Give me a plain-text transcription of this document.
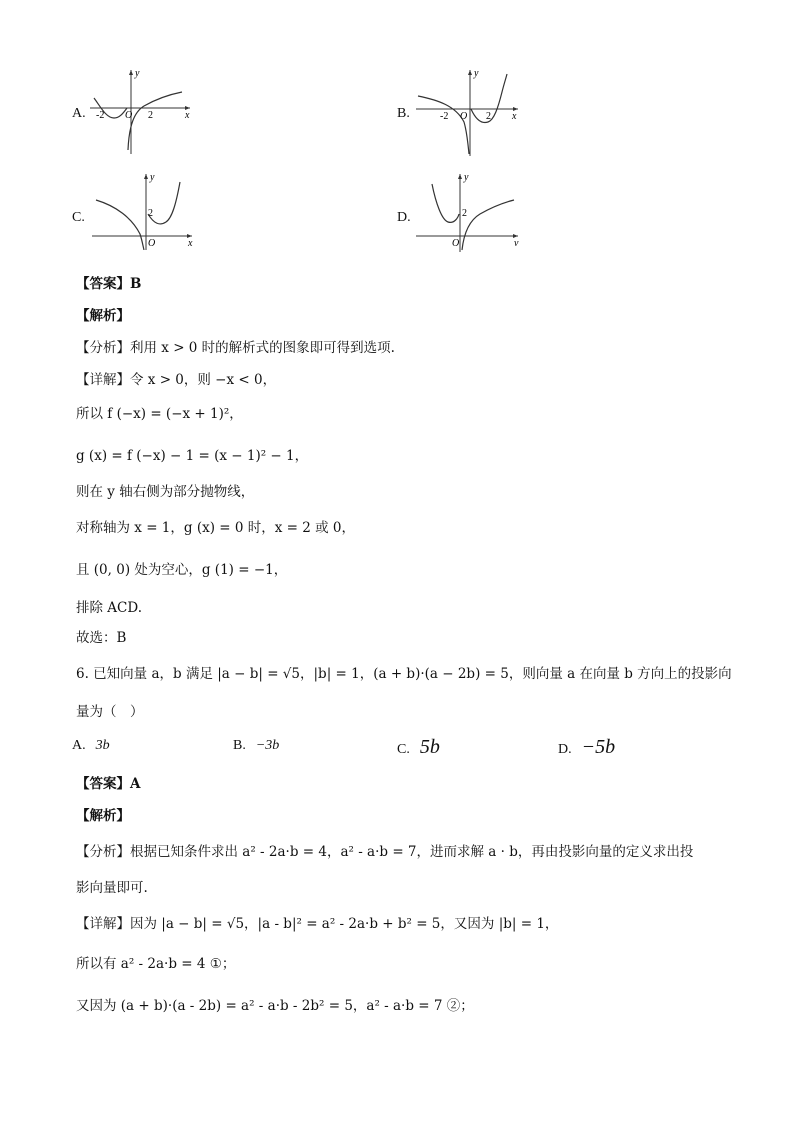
A.	x
y
O
-2	2	B.	x
y
O
-2	2
C.
x
y
O
2	D.
v
y
O
2
【答案】B
【解析】
【分析】利用 x > 0 时的解析式的图象即可得到选项.
【详解】令 x > 0，则 −x < 0，
所以 f (−x) = (−x + 1)²，
g (x) = f (−x) − 1 = (x − 1)² − 1，
则在 y 轴右侧为部分抛物线，
对称轴为 x = 1，g (x) = 0 时，x = 2 或 0，
且 (0, 0) 处为空心，g (1) = −1，
排除 ACD.
故选：B
6. 已知向量 a，b 满足 |a − b| = √5，|b| = 1，(a + b)·(a − 2b) = 5，则向量 a 在向量 b 方向上的投影向
量为（　）
A. 3b	B. −3b	C. 5b	D. −5b
【答案】A
【解析】
【分析】根据已知条件求出 a² - 2a·b = 4，a² - a·b = 7，进而求解 a · b，再由投影向量的定义求出投
影向量即可.
【详解】因为 |a − b| = √5，|a - b|² = a² - 2a·b + b² = 5，又因为 |b| = 1，
所以有 a² - 2a·b = 4 ①；
又因为 (a + b)·(a - 2b) = a² - a·b - 2b² = 5，a² - a·b = 7 ②；
